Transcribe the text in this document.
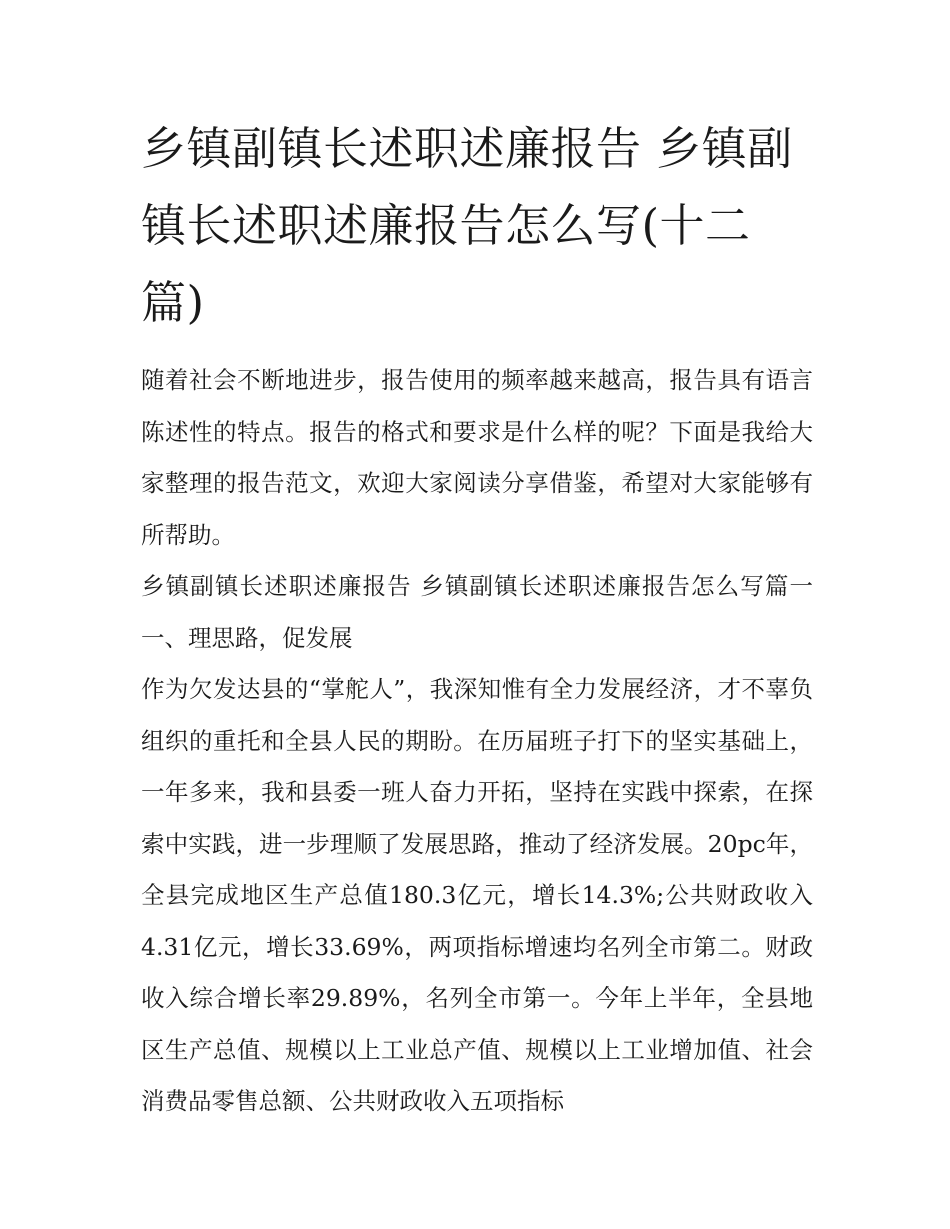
乡镇副镇长述职述廉报告 乡镇副镇长述职述廉报告怎么写(十二篇)

随着社会不断地进步，报告使用的频率越来越高，报告具有语言陈述性的特点。报告的格式和要求是什么样的呢？下面是我给大家整理的报告范文，欢迎大家阅读分享借鉴，希望对大家能够有所帮助。

乡镇副镇长述职述廉报告 乡镇副镇长述职述廉报告怎么写篇一 一、理思路，促发展

作为欠发达县的“掌舵人”，我深知惟有全力发展经济，才不辜负组织的重托和全县人民的期盼。在历届班子打下的坚实基础上，一年多来，我和县委一班人奋力开拓，坚持在实践中探索，在探索中实践，进一步理顺了发展思路，推动了经济发展。20pc年，全县完成地区生产总值180.3亿元，增长14.3%;公共财政收入4.31亿元，增长33.69%，两项指标增速均名列全市第二。财政收入综合增长率29.89%，名列全市第一。今年上半年，全县地区生产总值、规模以上工业总产值、规模以上工业增加值、社会消费品零售总额、公共财政收入五项指标
